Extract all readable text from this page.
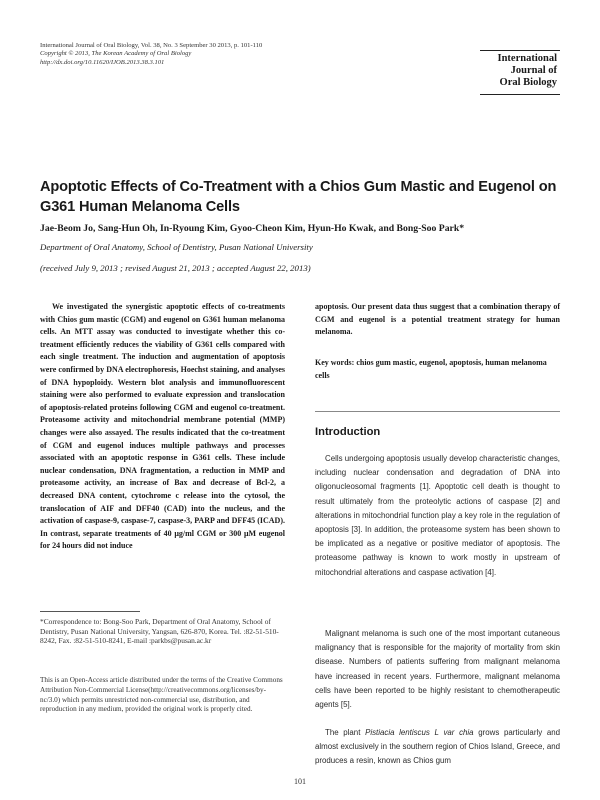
International Journal of Oral Biology, Vol. 38, No. 3 September 30 2013, p. 101-110
Copyright © 2013, The Korean Academy of Oral Biology
http://dx.doi.org/10.11620/IJOB.2013.38.3.101	International
Journal of
Oral Biology
Apoptotic Effects of Co-Treatment with a Chios Gum Mastic and Eugenol on G361 Human Melanoma Cells
Jae-Beom Jo, Sang-Hun Oh, In-Ryoung Kim, Gyoo-Cheon Kim, Hyun-Ho Kwak, and Bong-Soo Park*
Department of Oral Anatomy, School of Dentistry, Pusan National University
(received July 9, 2013 ; revised August 21, 2013 ; accepted August 22, 2013)
We investigated the synergistic apoptotic effects of co-treatments with Chios gum mastic (CGM) and eugenol on G361 human melanoma cells. An MTT assay was conducted to investigate whether this co-treatment efficiently reduces the viability of G361 cells compared with each single treatment. The induction and augmentation of apoptosis were confirmed by DNA electrophoresis, Hoechst staining, and analyses of DNA hypoploidy. Western blot analysis and immunofluorescent staining were also performed to evaluate expression and translocation of apoptosis-related proteins following CGM and eugenol co-treatment. Proteasome activity and mitochondrial membrane potential (MMP) changes were also assayed. The results indicated that the co-treatment of CGM and eugenol induces multiple pathways and processes associated with an apoptotic response in G361 cells. These include nuclear condensation, DNA fragmentation, a reduction in MMP and proteasome activity, an increase of Bax and decrease of Bcl-2, a decreased DNA content, cytochrome c release into the cytosol, the translocation of AIF and DFF40 (CAD) into the nucleus, and the activation of caspase-9, caspase-7, caspase-3, PARP and DFF45 (ICAD). In contrast, separate treatments of 40 μg/ml CGM or 300 μM eugenol for 24 hours did not induce
apoptosis. Our present data thus suggest that a combination therapy of CGM and eugenol is a potential treatment strategy for human melanoma.
Key words: chios gum mastic, eugenol, apoptosis, human melanoma cells
Introduction
Cells undergoing apoptosis usually develop characteristic changes, including nuclear condensation and degradation of DNA into oligonucleosomal fragments [1]. Apoptotic cell death is thought to result ultimately from the proteolytic actions of caspase [2] and alterations in mitochondrial function play a key role in the regulation of apoptosis [3]. In addition, the proteasome system has been shown to be implicated as a negative or positive mediator of apoptosis. The proteasome pathway is known to work mostly in upstream of mitochondrial alterations and caspase activation [4].
Malignant melanoma is such one of the most important cutaneous malignancy that is responsible for the majority of mortality from skin disease. Numbers of patients suffering from malignant melanoma have increased in recent years. Furthermore, malignant melanoma cells have been reported to be highly resistant to chemotherapeutic agents [5].
The plant Pistiacia lentiscus L var chia grows particularly and almost exclusively in the southern region of Chios Island, Greece, and produces a resin, known as Chios gum
*Correspondence to: Bong-Soo Park, Department of Oral Anatomy, School of Dentistry, Pusan National University, Yangsan, 626-870, Korea. Tel. :82-51-510-8242, Fax. :82-51-510-8241, E-mail :parkbs@pusan.ac.kr
This is an Open-Access article distributed under the terms of the Creative Commons Attribution Non-Commercial License(http://creativecommons.org/licenses/by-nc/3.0) which permits unrestricted non-commercial use, distribution, and reproduction in any medium, provided the original work is properly cited.
101
